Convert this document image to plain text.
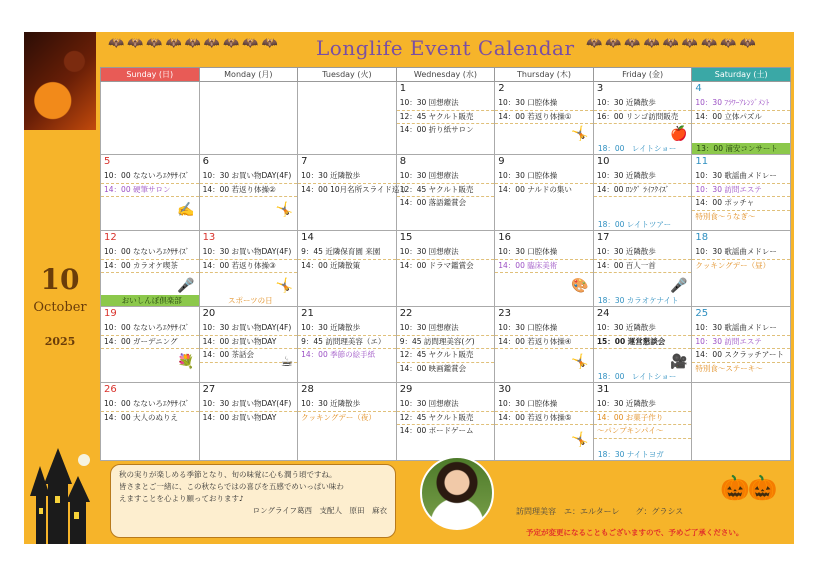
10
October
2025
🦇🦇🦇🦇🦇🦇🦇🦇🦇 Longlife Event Calendar 🦇🦇🦇🦇🦇🦇🦇🦇🦇
Sunday (日)	Monday (月)	Tuesday (火)	Wednesday (水)	Thursday (木)	Friday (金)	Saturday (土)

			1
10：30 回想療法
12：45 ヤクルト販売
14：00 折り紙サロン	2
10：30 口腔体操
14：00 若返り体操①
🤸	3
10：30 近隣散歩
16：00 リンゴ訪問販売
🍎
18：00　レイトショー	4
10：30 ﾌﾗﾜｰｱﾚﾝｼﾞﾒﾝﾄ
14：00 立体パズル
13：00 浦安コンサート

5
10：00 なないろｴｸｻｻｲｽﾞ
14：00 硬筆サロン
✍️	6
10：30 お買い物DAY(4F)
14：00 若返り体操②
🤸	7
10：30 近隣散歩
14：00 10月名所スライド巡り	8
10：30 回想療法
12：45 ヤクルト販売
14：00 落語鑑賞会	9
10：30 口腔体操
14：00 ナルドの集い	10
10：30 近隣散歩
14：00 ﾛﾝｸﾞ ﾗｲﾌｸｲｽﾞ
18：00 レイトツアー	11
10：30 歌謡曲メドレー
10：30 訪問エステ
14：00 ポッチャ
特別食～うなぎ～

12
10：00 なないろｴｸｻｻｲｽﾞ
14：00 カラオケ喫茶
🎤
おいしんぼ倶楽部	13
10：30 お買い物DAY(4F)
14：00 若返り体操③
🤸
スポーツの日	14
9：45 近隣保育園 来園
14：00 近隣散策	15
10：30 回想療法
14：00 ドラマ鑑賞会	16
10：30 口腔体操
14：00 臨床美術
🎨	17
10：30 近隣散歩
14：00 百人一首
🎤
18：30 カラオケナイト	18
10：30 歌謡曲メドレー
クッキングデー（昼）

19
10：00 なないろｴｸｻｻｲｽﾞ
14：00 ガーデニング
💐	20
10：30 お買い物DAY(4F)
14：00 お買い物DAY
14：00 茶話会 ☕	21
10：30 近隣散歩
9：45 訪問理美容（エ）
14：00 季節の絵手紙	22
10：30 回想療法
9：45 訪問理美容(グ)
12：45 ヤクルト販売
14：00 映画鑑賞会	23
10：30 口腔体操
14：00 若返り体操④
🤸	24
10：30 近隣散歩
15：00 運営懇談会
🎥
18：00　レイトショー	25
10：30 歌謡曲メドレー
10：30 訪問エステ
14：00 スクラッチアート
特別食～ステーキ～

26
10：00 なないろｴｸｻｻｲｽﾞ
14：00 大人のぬりえ	27
10：30 お買い物DAY(4F)
14：00 お買い物DAY	28
10：30 近隣散歩
クッキングデー（夜）	29
10：30 回想療法
12：45 ヤクルト販売
14：00 ボードゲーム	30
10：30 口腔体操
14：00 若返り体操⑤
🤸	31
10：30 近隣散歩
14：00 お菓子作り
～パンプキンパイ～
18：30 ナイトヨガ	

秋の実りが楽しめる季節となり、旬の味覚に心も潤う頃ですね。
皆さまとご一緒に、この秋ならではの喜びを五感でめいっぱい味わ
えますことを心より願っております♪
ロングライフ葛西　支配人　原田　麻衣	訪問理美容　エ：エルターレ　　グ：グラシス
予定が変更になることもございますので、予めご了承ください。
🎃🎃
